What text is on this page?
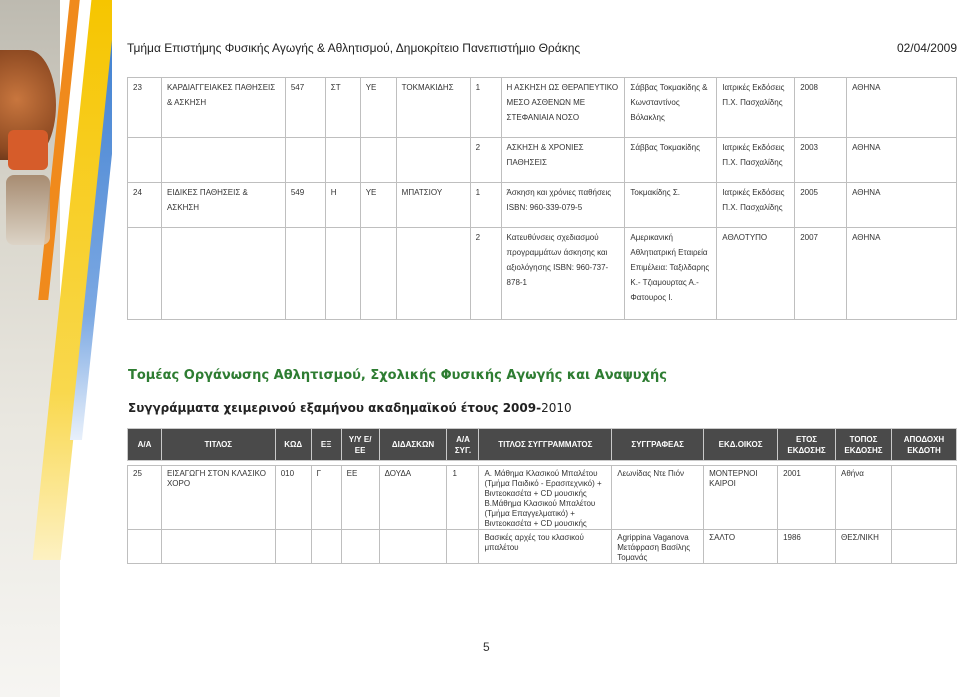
Τμήμα Επιστήμης Φυσικής Αγωγής & Αθλητισμού, Δημοκρίτειο Πανεπιστήμιο Θράκης	02/04/2009
23	ΚΑΡΔΙΑΓΓΕΙΑΚΕΣ ΠΑΘΗΣΕΙΣ & ΑΣΚΗΣΗ	547	ΣΤ	ΥΕ	ΤΟΚΜΑΚΙΔΗΣ	1	Η ΑΣΚΗΣΗ ΩΣ ΘΕΡΑΠΕΥΤΙΚΟ ΜΕΣΟ ΑΣΘΕΝΩΝ ΜΕ ΣΤΕΦΑΝΙΑΙΑ ΝΟΣΟ	Σάββας Τοκμακίδης & Κωνσταντίνος Βόλακλης	Ιατρικές Εκδόσεις Π.Χ. Πασχαλίδης	2008	ΑΘΗΝΑ
						2	ΑΣΚΗΣΗ & ΧΡΟΝΙΕΣ ΠΑΘΗΣΕΙΣ	Σάββας Τοκμακίδης	Ιατρικές Εκδόσεις Π.Χ. Πασχαλίδης	2003	ΑΘΗΝΑ
24	ΕΙΔΙΚΕΣ ΠΑΘΗΣΕΙΣ & ΑΣΚΗΣΗ	549	Η	ΥΕ	ΜΠΑΤΣΙΟΥ	1	Άσκηση και χρόνιες παθήσεις ISBN: 960-339-079-5	Τοκμακίδης Σ.	Ιατρικές Εκδόσεις Π.Χ. Πασχαλίδης	2005	ΑΘΗΝΑ
						2	Κατευθύνσεις σχεδιασμού προγραμμάτων άσκησης και αξιολόγησης ISBN: 960-737-878-1	Αμερικανική Αθλητιατρική Εταιρεία Επιμέλεια: Ταξιλδαρης Κ.- Τζιαμουρτας Α.- Φατουρος Ι.	ΑΘΛΟΤΥΠΟ	2007	ΑΘΗΝΑ
Τομέας Οργάνωσης Αθλητισμού, Σχολικής Φυσικής Αγωγής και Αναψυχής
Συγγράμματα χειμερινού εξαμήνου ακαδημαϊκού έτους 2009-2010
Α/Α	ΤΙΤΛΟΣ	ΚΩΔ	ΕΞ	Υ/Υ Ε/ΕΕ	ΔΙΔΑΣΚΩΝ	Α/Α ΣΥΓ.	ΤΙΤΛΟΣ ΣΥΓΓΡΑΜΜΑΤΟΣ	ΣΥΓΓΡΑΦΕΑΣ	ΕΚΔ.ΟΙΚΟΣ	ΕΤΟΣ ΕΚΔΟΣΗΣ	ΤΟΠΟΣ ΕΚΔΟΣΗΣ	ΑΠΟΔΟΧΗ ΕΚΔΟΤΗ

25	ΕΙΣΑΓΩΓΗ ΣΤΟΝ ΚΛΑΣΙΚΟ ΧΟΡΟ	010	Γ	ΕΕ	ΔΟΥΔΑ	1	Α. Μάθημα Κλασικού Μπαλέτου (Τμήμα Παιδικό - Ερασιτεχνικό) + Βιντεοκασέτα + CD μουσικής Β.Μάθημα Κλασικού Μπαλέτου (Τμήμα Επαγγελματικό) + Βιντεοκασέτα + CD μουσικής	Λεωνίδας Ντε Πιόν	ΜΟΝΤΕΡΝΟΙ ΚΑΙΡΟΙ	2001	Αθήνα	
							Βασικές αρχές του κλασικού μπαλέτου	Agrippina Vaganova Μετάφραση Βασίλης Τομανάς	ΣΑΛΤΟ	1986	ΘΕΣ/ΝΙΚΗ	
5
